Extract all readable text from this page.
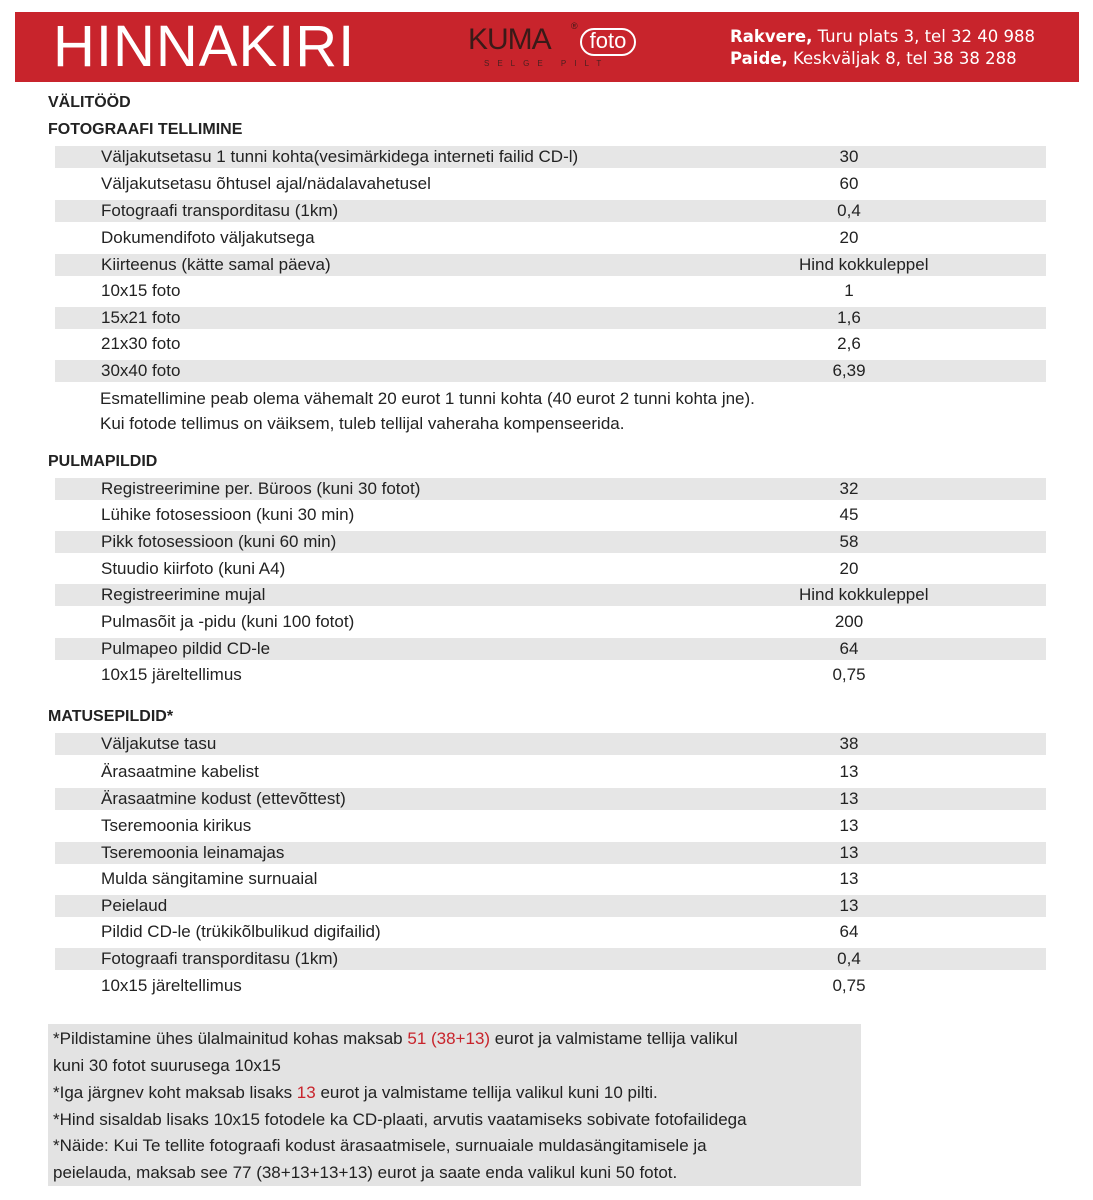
HINNAKIRI	KUMA ®
foto
SELGE PILT
Rakvere, Turu plats 3, tel 32 40 988
Paide, Keskväljak 8, tel 38 38 288
VÄLITÖÖD
FOTOGRAAFI TELLIMINE
Väljakutsetasu 1 tunni kohta(vesimärkidega interneti failid CD-l)	30
Väljakutsetasu õhtusel ajal/nädalavahetusel	60
Fotograafi transporditasu (1km)	0,4
Dokumendifoto väljakutsega	20
Kiirteenus (kätte samal päeva)	Hind kokkuleppel
10x15 foto	1
15x21 foto	1,6
21x30 foto	2,6
30x40 foto	6,39
Esmatellimine peab olema vähemalt 20 eurot 1 tunni kohta (40 eurot 2 tunni kohta jne).
Kui fotode tellimus on väiksem, tuleb tellijal vaheraha kompenseerida.
PULMAPILDID
Registreerimine per. Büroos (kuni 30 fotot)	32
Lühike fotosessioon (kuni 30 min)	45
Pikk fotosessioon (kuni 60 min)	58
Stuudio kiirfoto (kuni A4)	20
Registreerimine mujal	Hind kokkuleppel
Pulmasõit ja -pidu (kuni 100 fotot)	200
Pulmapeo pildid CD-le	64
10x15 järeltellimus	0,75
MATUSEPILDID*
Väljakutse tasu	38
Ärasaatmine kabelist	13
Ärasaatmine kodust (ettevõttest)	13
Tseremoonia kirikus	13
Tseremoonia leinamajas	13
Mulda sängitamine surnuaial	13
Peielaud	13
Pildid CD-le (trükikõlbulikud digifailid)	64
Fotograafi transporditasu (1km)	0,4
10x15 järeltellimus	0,75
*Pildistamine ühes ülalmainitud kohas maksab 51 (38+13) eurot ja valmistame tellija valikul
kuni 30 fotot suurusega 10x15
*Iga järgnev koht maksab lisaks 13 eurot ja valmistame tellija valikul kuni 10 pilti.
*Hind sisaldab lisaks 10x15 fotodele ka CD-plaati, arvutis vaatamiseks sobivate fotofailidega
*Näide: Kui Te tellite fotograafi kodust ärasaatmisele, surnuaiale muldasängitamisele ja
peielauda, maksab see 77 (38+13+13+13) eurot ja saate enda valikul kuni 50 fotot.
